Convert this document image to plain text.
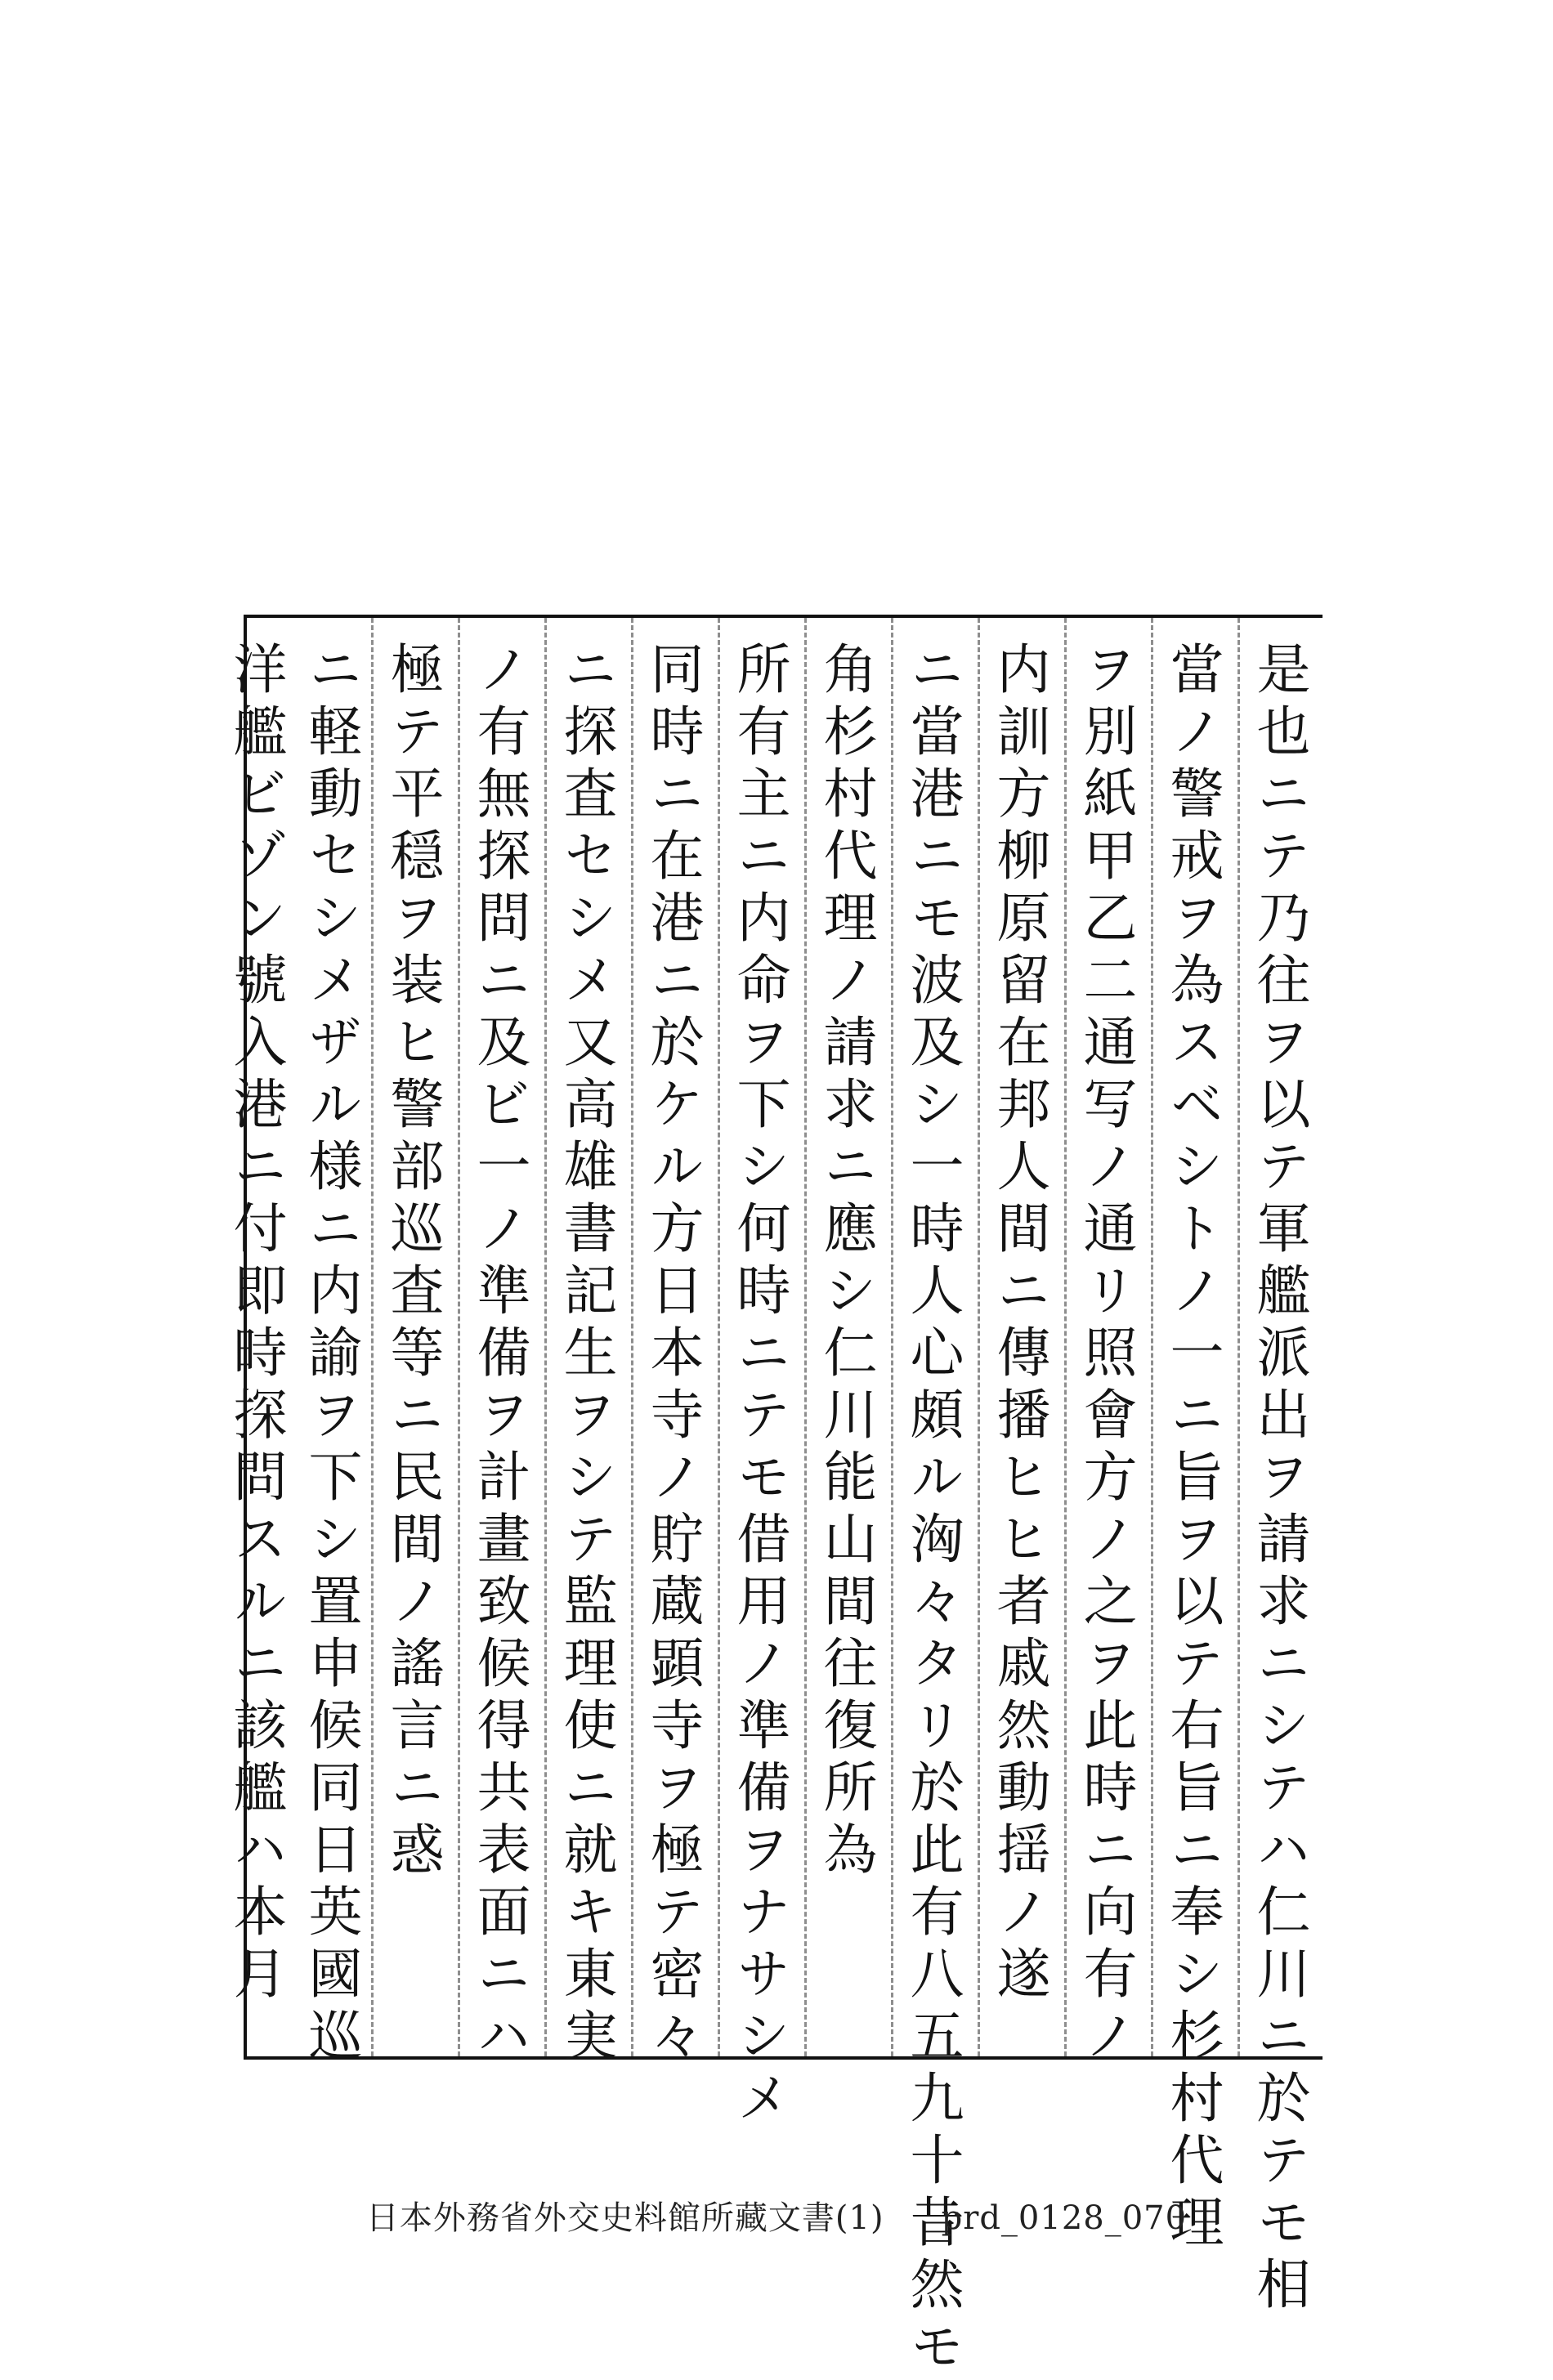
是也ニテ乃往ヲ以テ軍艦派出ヲ請求ニシテハ仁川ニ於テモ相
當ノ警戒ヲ為スベシトノ一ニ旨ヲ以テ右旨ニ奉シ杉村代理
ヲ別紙甲乙二通写ノ通リ照會方ノ之ヲ此時ニ向有ノ
内訓方柳原留在邦人間ニ傳播ヒヒ者戚然動揺ノ遂
ニ當港ニモ波及シ一時人心頗ル洶々タリ於此有八五九十昔然モ
角杉村代理ノ請求ニ應シ仁川能山間往復所為
所有主ニ内命ヲ下シ何時ニテモ借用ノ準備ヲナサシメ
同時ニ在港ニ於ケル方日本寺ノ貯蔵顕寺ヲ極テ密々
ニ探査セシメ又高雄書記生ヲシテ監理使ニ就キ東実
ノ有無探問ニ及ビ一ノ準備ヲ計畫致候得共表面ニハ
極テ平穏ヲ装ヒ警部巡査等ニ民間ノ謠言ニ惑
ニ軽動セシメザル様ニ内諭ヲ下シ置申候同日英國巡
洋艦ビゾン號入港ニ付即時探問スルニ該艦ハ本月
日本外務省外交史料館所藏文書(1) prd_0128_070
